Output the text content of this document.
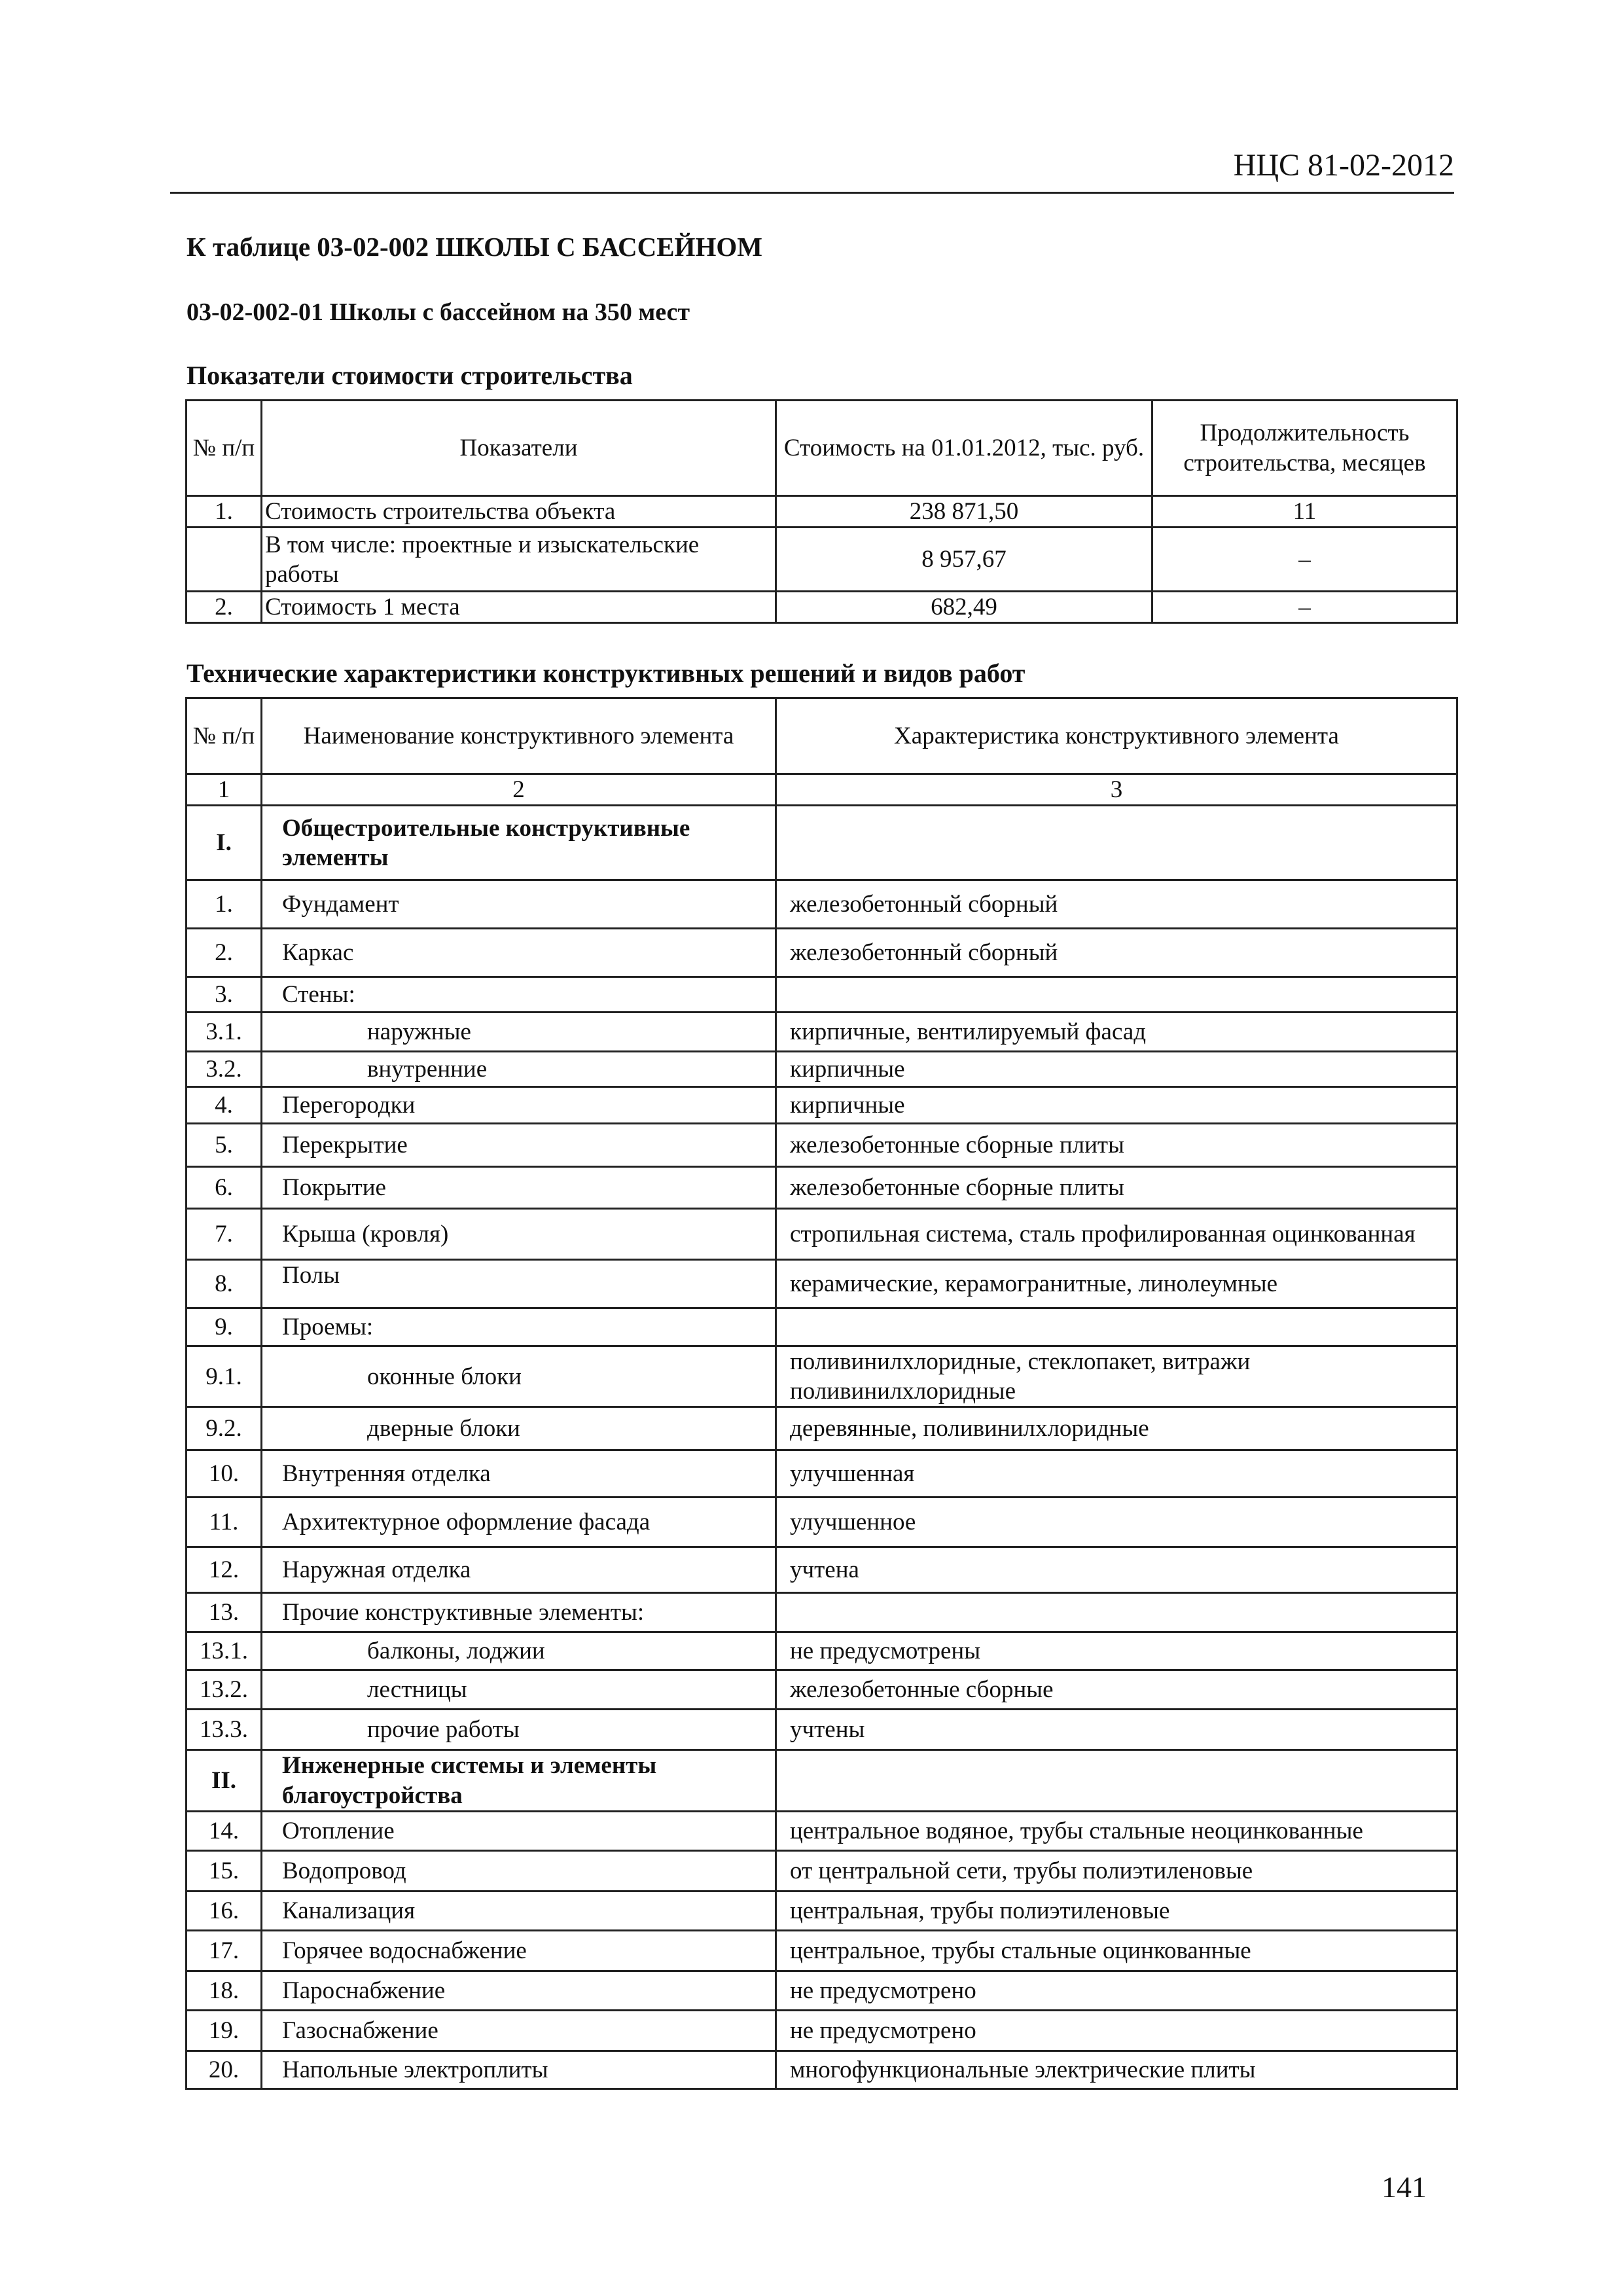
НЦС 81-02-2012
К таблице 03-02-002 ШКОЛЫ С БАССЕЙНОМ
03-02-002-01 Школы с бассейном на 350 мест
Показатели стоимости строительства
№ п/п	Показатели	Стоимость на 01.01.2012, тыс. руб.	Продолжительность строительства, месяцев
1.	Стоимость строительства объекта	238 871,50	11
	В том числе: проектные и изыскательские работы	8 957,67	–
2.	Стоимость 1 места	682,49	–
Технические характеристики конструктивных решений и видов работ
№ п/п	Наименование конструктивного элемента	Характеристика конструктивного элемента
1	2	3
I.	Общестроительные конструктивные элементы	
1.	Фундамент	железобетонный сборный
2.	Каркас	железобетонный сборный
3.	Стены:	
3.1.	наружные	кирпичные, вентилируемый фасад
3.2.	внутренние	кирпичные
4.	Перегородки	кирпичные
5.	Перекрытие	железобетонные сборные плиты
6.	Покрытие	железобетонные сборные плиты
7.	Крыша (кровля)	стропильная система, сталь профилированная оцинкованная
8.	Полы	керамические, керамогранитные, линолеумные
9.	Проемы:	
9.1.	оконные блоки	поливинилхлоридные, стеклопакет, витражи поливинилхлоридные
9.2.	дверные блоки	деревянные, поливинилхлоридные
10.	Внутренняя отделка	улучшенная
11.	Архитектурное оформление фасада	улучшенное
12.	Наружная отделка	учтена
13.	Прочие конструктивные элементы:	
13.1.	балконы, лоджии	не предусмотрены
13.2.	лестницы	железобетонные сборные
13.3.	прочие работы	учтены
II.	Инженерные системы и элементы благоустройства	
14.	Отопление	центральное водяное, трубы стальные неоцинкованные
15.	Водопровод	от центральной сети, трубы полиэтиленовые
16.	Канализация	центральная, трубы полиэтиленовые
17.	Горячее водоснабжение	центральное, трубы стальные оцинкованные
18.	Пароснабжение	не предусмотрено
19.	Газоснабжение	не предусмотрено
20.	Напольные электроплиты	многофункциональные электрические плиты
141
